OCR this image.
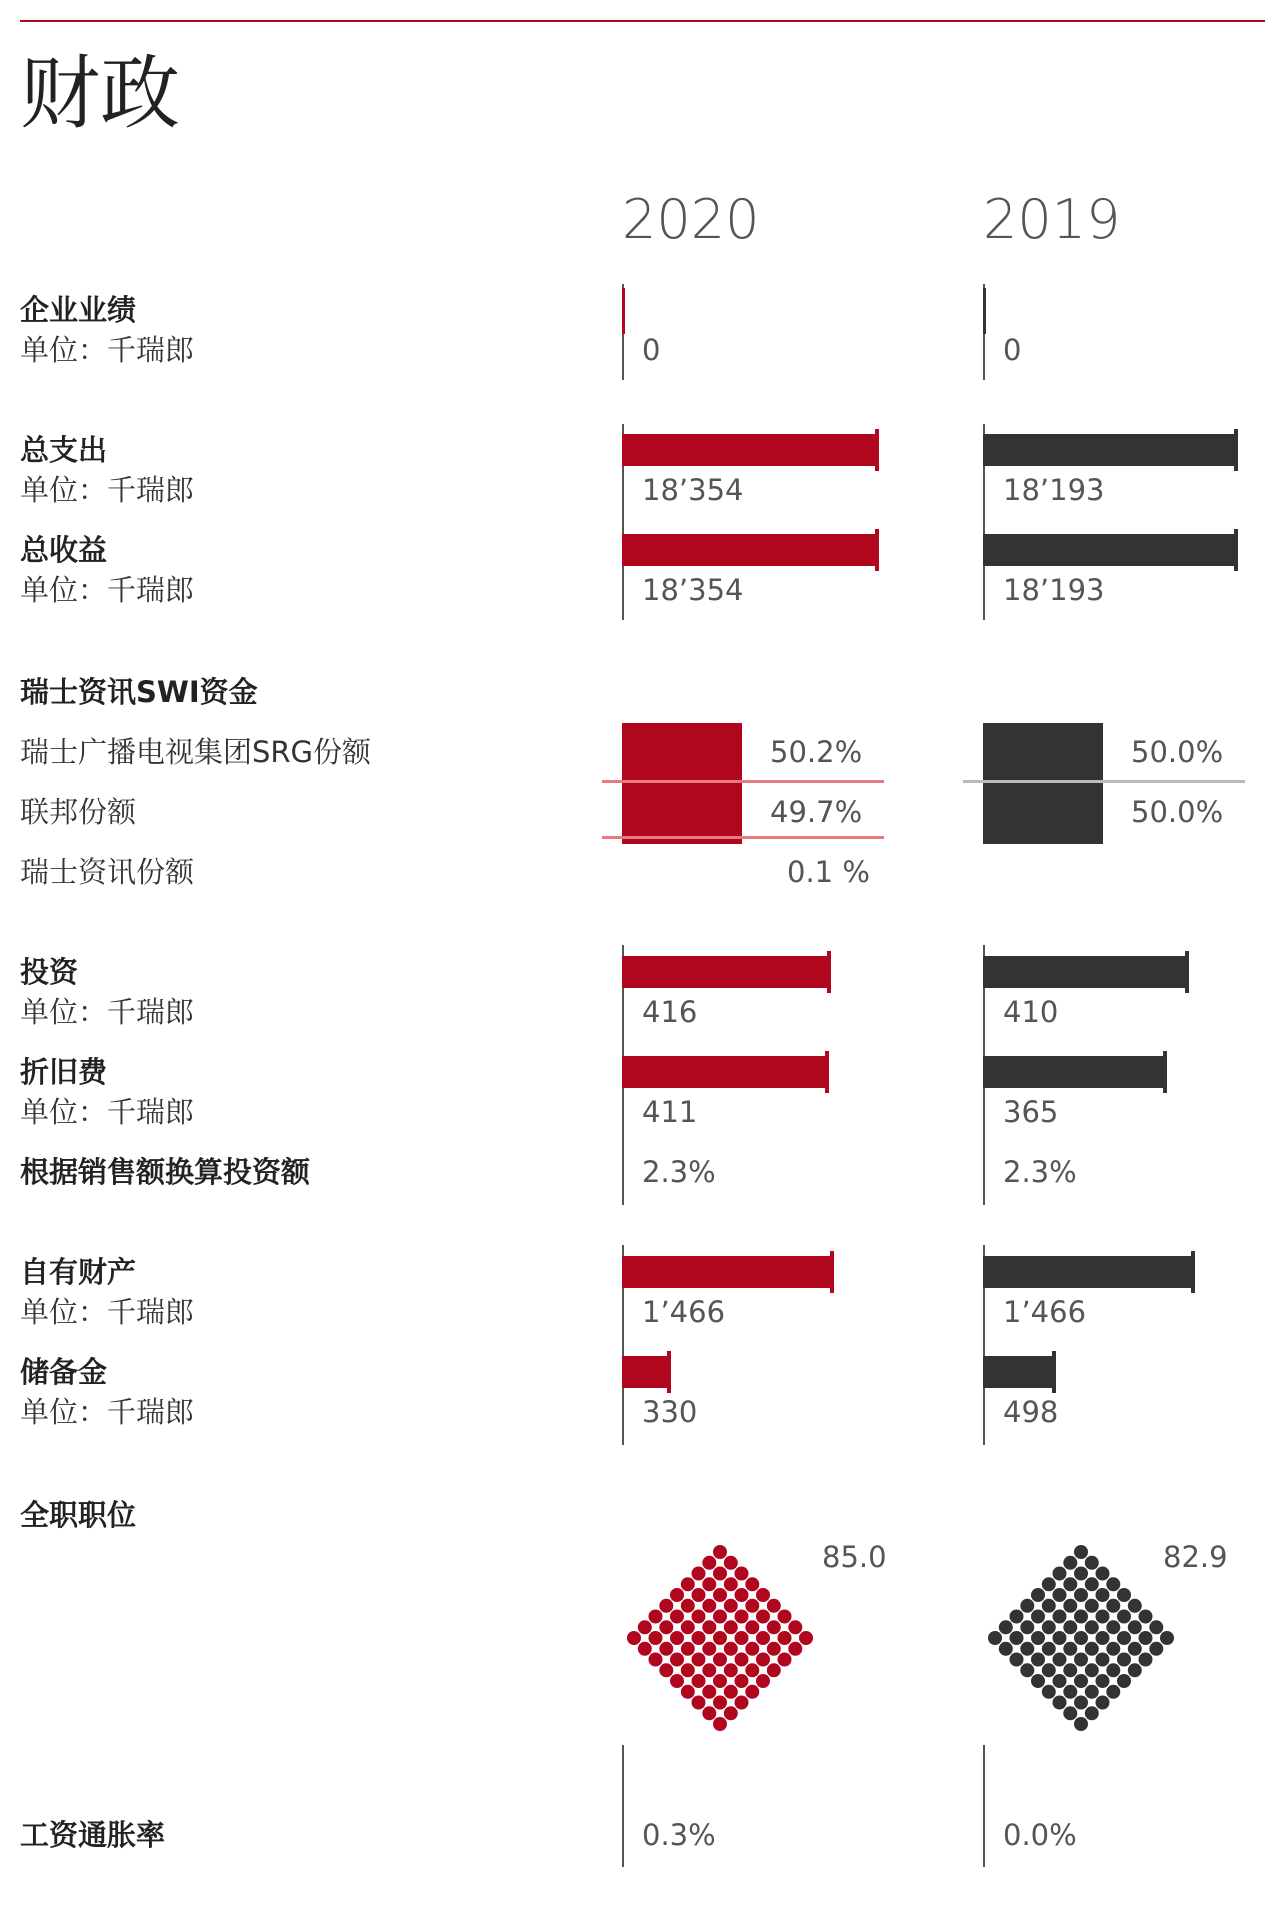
财政
2020	2019
企业业绩
单位：千瑞郎
总支出
单位：千瑞郎
总收益
单位：千瑞郎
瑞士资讯SWI资金
瑞士广播电视集团SRG份额
联邦份额
瑞士资讯份额
投资
单位：千瑞郎
折旧费
单位：千瑞郎
根据销售额换算投资额
自有财产
单位：千瑞郎
储备金
单位：千瑞郎
全职职位
工资通胀率
0
18’354
18’354
50.2%
49.7%
0.1 %
416
411
2.3%
1’466
330
85.0
0.3%
0
18’193
18’193
50.0%
50.0%
410
365
2.3%
1’466
498
82.9
0.0%
